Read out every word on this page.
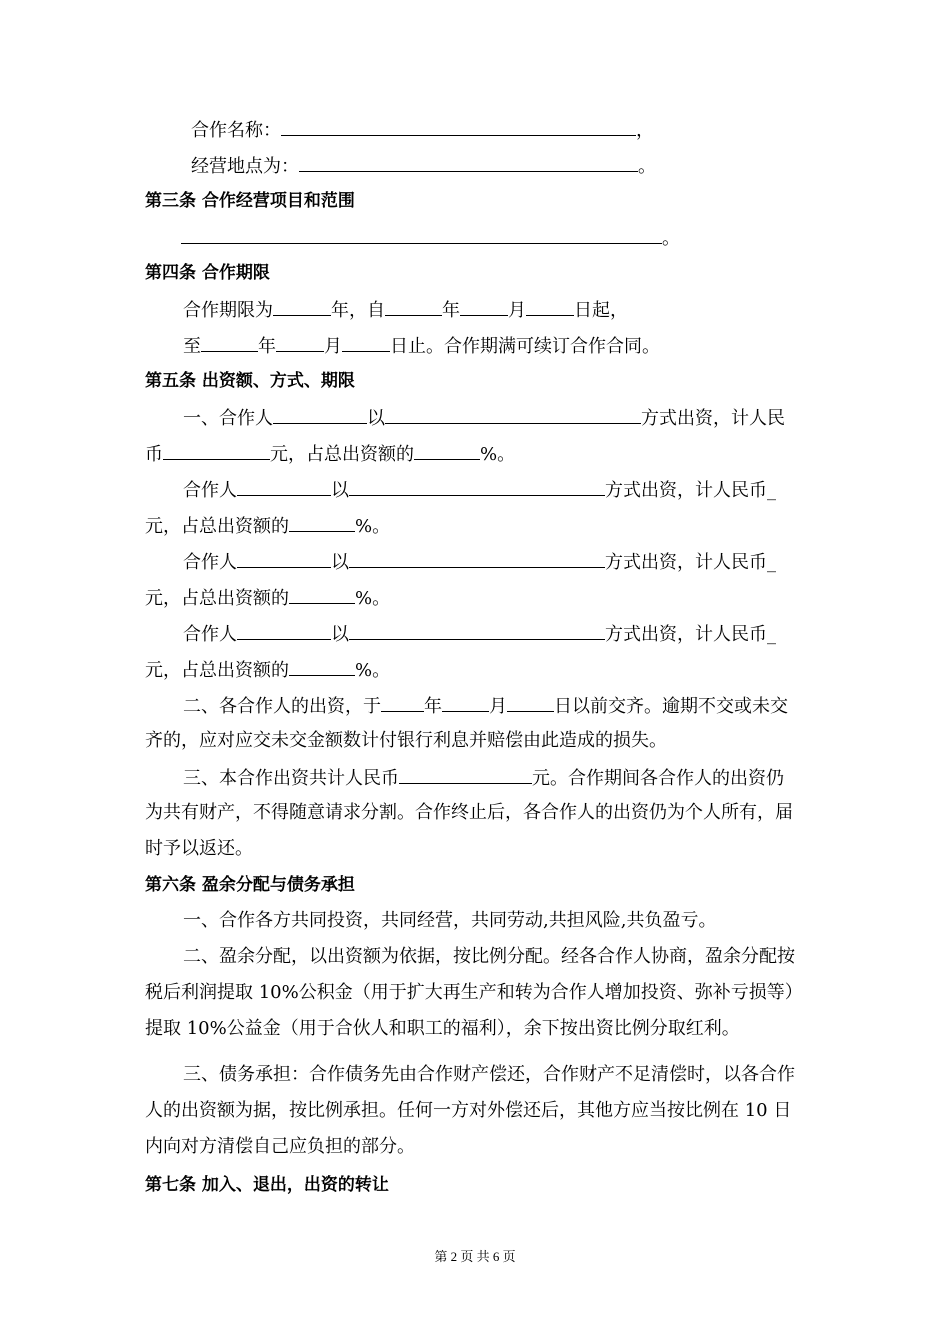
合作名称：	，
经营地点为：	。
第三条 合作经营项目和范围
。
第四条 合作期限
合作期限为	年，自	年	月	日起，
至	年	月	日止。合作期满可续订合作合同。
第五条 出资额、方式、期限
一、合作人	以	方式出资，计人民
币	元，占总出资额的	%。
合作人	以	方式出资，计人民币_
元，占总出资额的	%。
合作人	以	方式出资，计人民币_
元，占总出资额的	%。
合作人	以	方式出资，计人民币_
元，占总出资额的	%。
二、各合作人的出资，于 年	月	日以前交齐。逾期不交或未交
齐的，应对应交未交金额数计付银行利息并赔偿由此造成的损失。
三、本合作出资共计人民币	元。合作期间各合作人的出资仍
为共有财产，不得随意请求分割。合作终止后，各合作人的出资仍为个人所有，届
时予以返还。
第六条 盈余分配与债务承担
一、合作各方共同投资，共同经营，共同劳动,共担风险,共负盈亏。
二、盈余分配，以出资额为依据，按比例分配。经各合作人协商，盈余分配按
税后利润提取 10%公积金（用于扩大再生产和转为合作人增加投资、弥补亏损等）
提取 10%公益金（用于合伙人和职工的福利），余下按出资比例分取红利。
三、债务承担：合作债务先由合作财产偿还，合作财产不足清偿时，以各合作
人的出资额为据，按比例承担。任何一方对外偿还后，其他方应当按比例在 10 日
内向对方清偿自己应负担的部分。
第七条 加入、退出，出资的转让
第 2 页 共 6 页
